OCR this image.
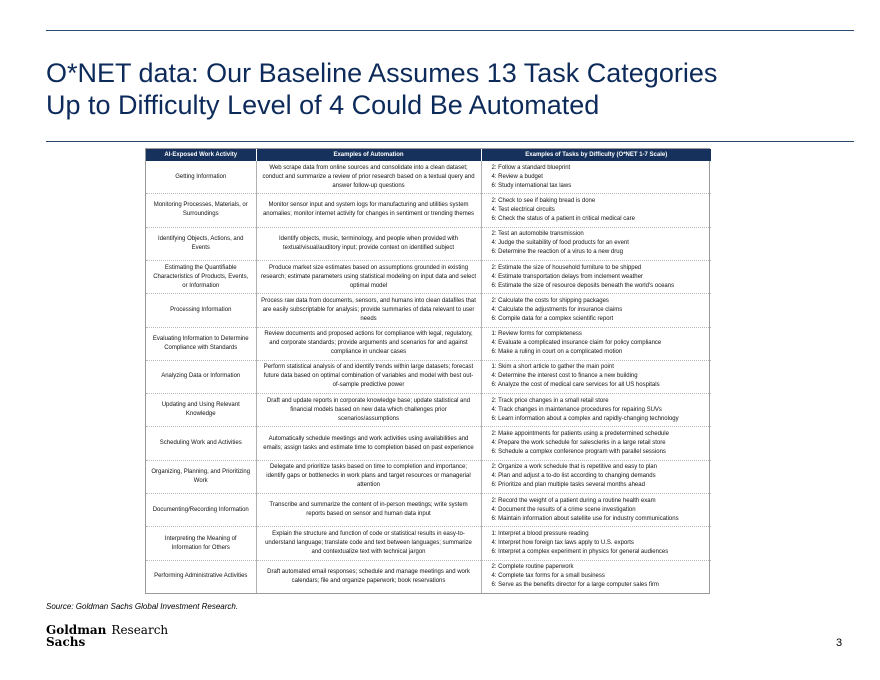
O*NET data: Our Baseline Assumes 13 Task Categories
Up to Difficulty Level of 4 Could Be Automated
AI-Exposed Work Activity	Examples of Automation	Examples of Tasks by Difficulty (O*NET 1-7 Scale)
Getting Information	Web scrape data from online sources and consolidate into a clean dataset; conduct and summarize a review of prior research based on a textual query and answer follow-up questions	2: Follow a standard blueprint
4: Review a budget
6: Study international tax laws

Monitoring Processes, Materials, or Surroundings	Monitor sensor input and system logs for manufacturing and utilities system anomalies; monitor internet activity for changes in sentiment or trending themes	2: Check to see if baking bread is done
4: Test electrical circuits
6: Check the status of a patient in critical medical care

Identifying Objects, Actions, and Events	Identify objects, music, terminology, and people when provided with textual/visual/auditory input; provide context on identified subject	2: Test an automobile transmission
4: Judge the suitability of food products for an event
6: Determine the reaction of a virus to a new drug

Estimating the Quantifiable Characteristics of Products, Events, or Information	Produce market size estimates based on assumptions grounded in existing research; estimate parameters using statistical modeling on input data and select optimal model	2: Estimate the size of household furniture to be shipped
4: Estimate transportation delays from inclement weather
6: Estimate the size of resource deposits beneath the world's oceans

Processing Information	Process raw data from documents, sensors, and humans into clean datafiles that are easily subscriptable for analysis; provide summaries of data relevant to user needs	2: Calculate the costs for shipping packages
4: Calculate the adjustments for insurance claims
6: Compile data for a complex scientific report

Evaluating Information to Determine Compliance with Standards	Review documents and proposed actions for compliance with legal, regulatory, and corporate standards; provide arguments and scenarios for and against compliance in unclear cases	1: Review forms for completeness
4: Evaluate a complicated insurance claim for policy compliance
6: Make a ruling in court on a complicated motion

Analyzing Data or Information	Perform statistical analysis of and identify trends within large datasets; forecast future data based on optimal combination of variables and model with best out-of-sample predictive power	1: Skim a short article to gather the main point
4: Determine the interest cost to finance a new building
6: Analyze the cost of medical care services for all US hospitals

Updating and Using Relevant Knowledge	Draft and update reports in corporate knowledge base; update statistical and financial models based on new data which challenges prior scenarios/assumptions	2: Track price changes in a small retail store
4: Track changes in maintenance procedures for repairing SUVs
6: Learn information about a complex and rapidly-changing technology

Scheduling Work and Activities	Automatically schedule meetings and work activities using availabilities and emails; assign tasks and estimate time to completion based on past experience	2: Make appointments for patients using a predetermined schedule
4: Prepare the work schedule for salesclerks in a large retail store
6: Schedule a complex conference program with parallel sessions

Organizing, Planning, and Prioritizing Work	Delegate and prioritize tasks based on time to completion and importance; identify gaps or bottlenecks in work plans and target resources or managerial attention	2: Organize a work schedule that is repetitive and easy to plan
4: Plan and adjust a to-do list according to changing demands
6: Prioritize and plan multiple tasks several months ahead

Documenting/Recording Information	Transcribe and summarize the content of in-person meetings; write system reports based on sensor and human data input	2: Record the weight of a patient during a routine health exam
4: Document the results of a crime scene investigation
6: Maintain information about satellite use for industry communications

Interpreting the Meaning of Information for Others	Explain the structure and function of code or statistical results in easy-to-understand language; translate code and text between languages; summarize and contextualize text with technical jargon	1: Interpret a blood pressure reading
4: Interpret how foreign tax laws apply to U.S. exports
6: Interpret a complex experiment in physics for general audiences

Performing Administrative Activities	Draft automated email responses; schedule and manage meetings and work calendars; file and organize paperwork; book reservations	2: Complete routine paperwork
4: Complete tax forms for a small business
6: Serve as the benefits director for a large computer sales firm
Source: Goldman Sachs Global Investment Research.
Goldman Research
Sachs	3
